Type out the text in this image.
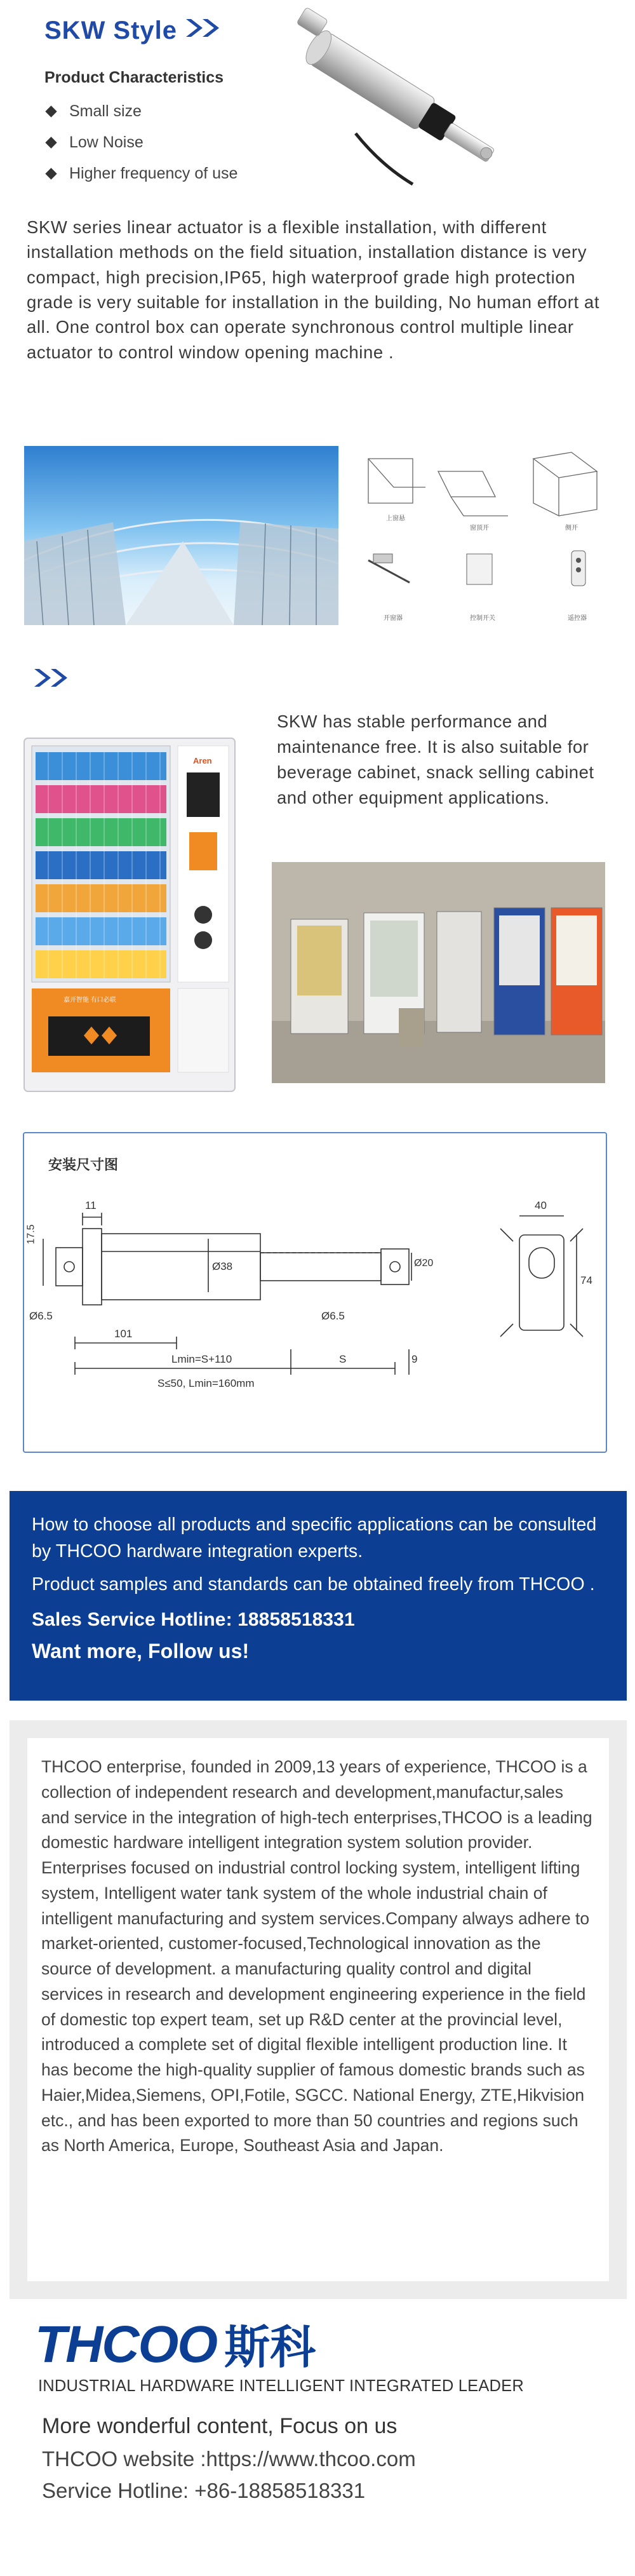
SKW Style
Product Characteristics
Small size
Low Noise
Higher frequency of use

SKW series linear actuator is a flexible installation, with different installation methods on the field situation, installation distance is very compact, high precision,IP65, high waterproof grade high protection grade is very suitable for installation in the building, No human effort at all. One control box can operate synchronous control multiple linear actuator to control window opening machine .

上窗悬
窗顶开	侧开
开窗器	控制开关	遥控器

SKW has stable performance and maintenance free. It is also suitable for beverage cabinet, snack selling cabinet and other equipment applications.

Aren
嘉开智能 有口必联
安装尺寸图
17.5
11
Ø6.5
Ø38
Ø6.5
Ø20
101
Lmin=S+110	S	9
S≤50, Lmin=160mm
40
74

How to choose all products and specific applications can be consulted by THCOO hardware integration experts.

Product samples and standards can be obtained freely from THCOO .

Sales Service Hotline: 18858518331

Want more, Follow us!

THCOO enterprise, founded in 2009,13 years of experience, THCOO is a collection of independent research and development,manufactur,sales and service in the integration of high-tech enterprises,THCOO is a leading domestic hardware intelligent integration system solution provider. Enterprises focused on industrial control locking system, intelligent lifting system, Intelligent water tank system of the whole industrial chain of intelligent manufacturing and system services.Company always adhere to market-oriented, customer-focused,Technological innovation as the source of development. a manufacturing quality control and digital services in research and development engineering experience in the field of domestic top expert team, set up R&D center at the provincial level, introduced a complete set of digital flexible intelligent production line. It has become the high-quality supplier of famous domestic brands such as Haier,Midea,Siemens, OPI,Fotile, SGCC. National Energy, ZTE,Hikvision etc., and has been exported to more than 50 countries and regions such as North America, Europe, Southeast Asia and Japan.
THCOO 斯科
INDUSTRIAL HARDWARE INTELLIGENT INTEGRATED LEADER
More wonderful content, Focus on us
THCOO website :https://www.thcoo.com
Service Hotline: +86-18858518331
